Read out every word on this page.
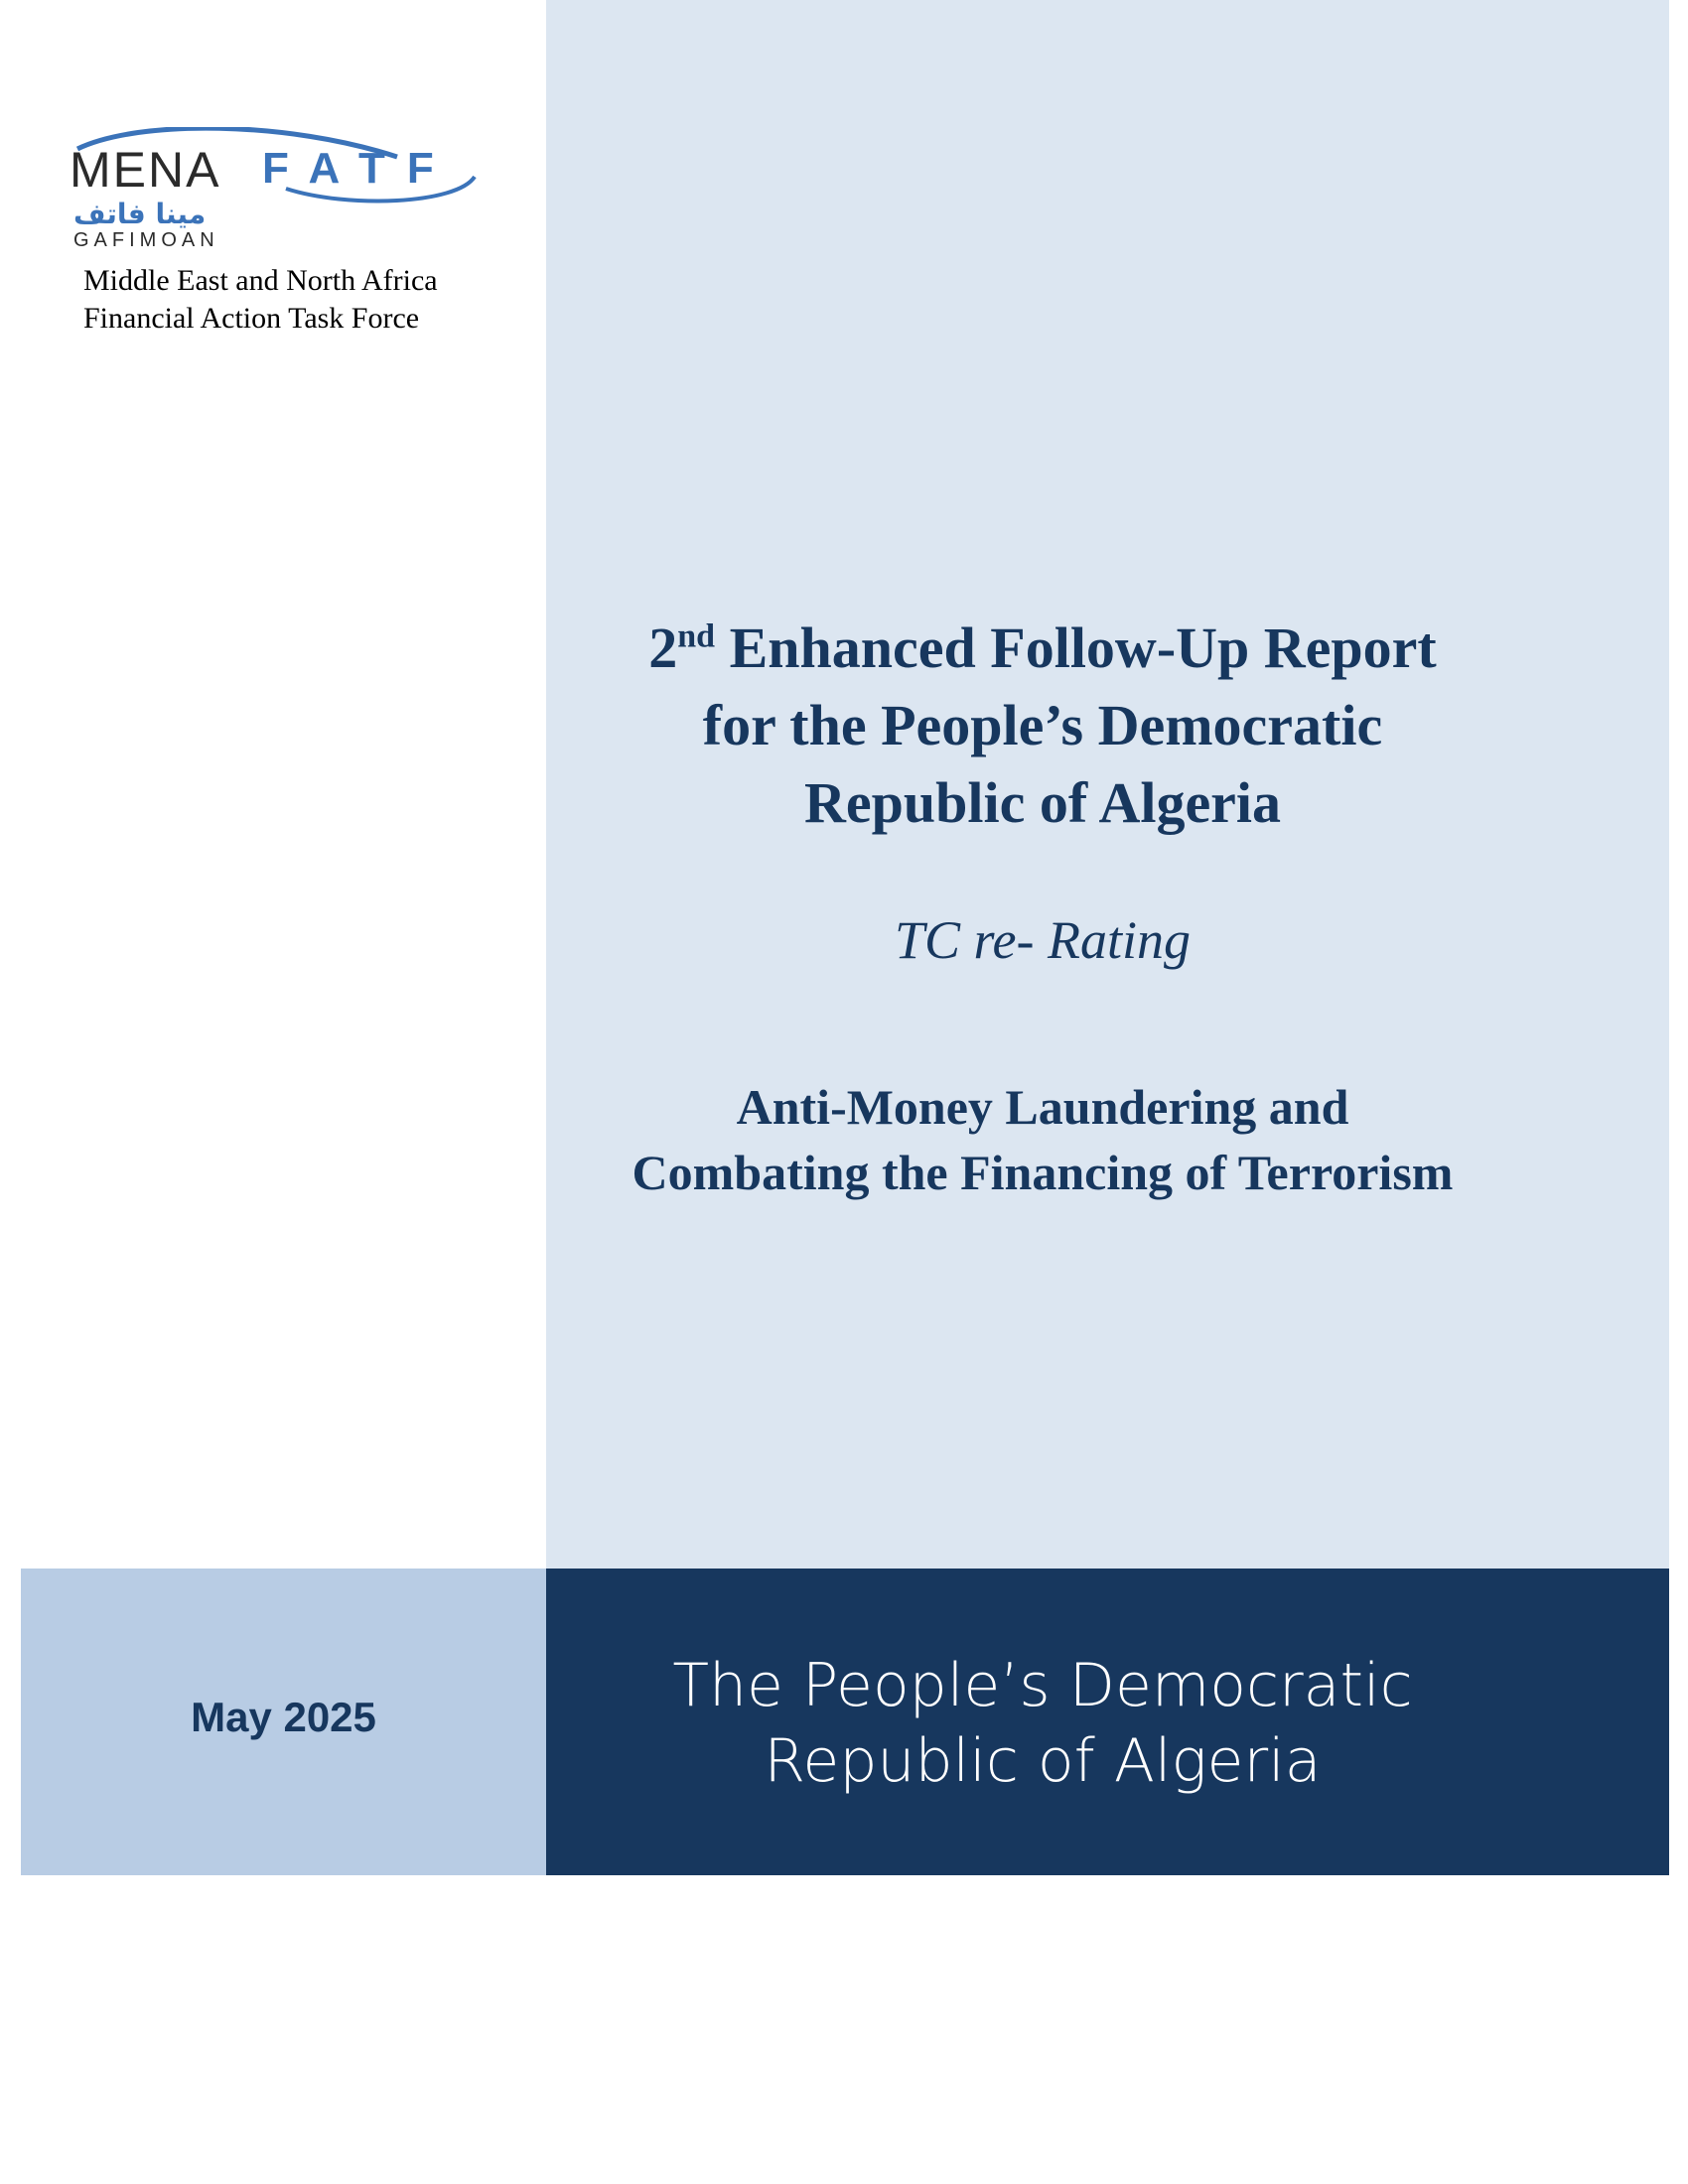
MENA FATF
مينا فاتف
GAFIMOAN
Middle East and North Africa
Financial Action Task Force
2nd Enhanced Follow-Up Report
for the People’s Democratic
Republic of Algeria
TC re- Rating
Anti-Money Laundering and
Combating the Financing of Terrorism
May 2025	The People’s Democratic
Republic of Algeria
